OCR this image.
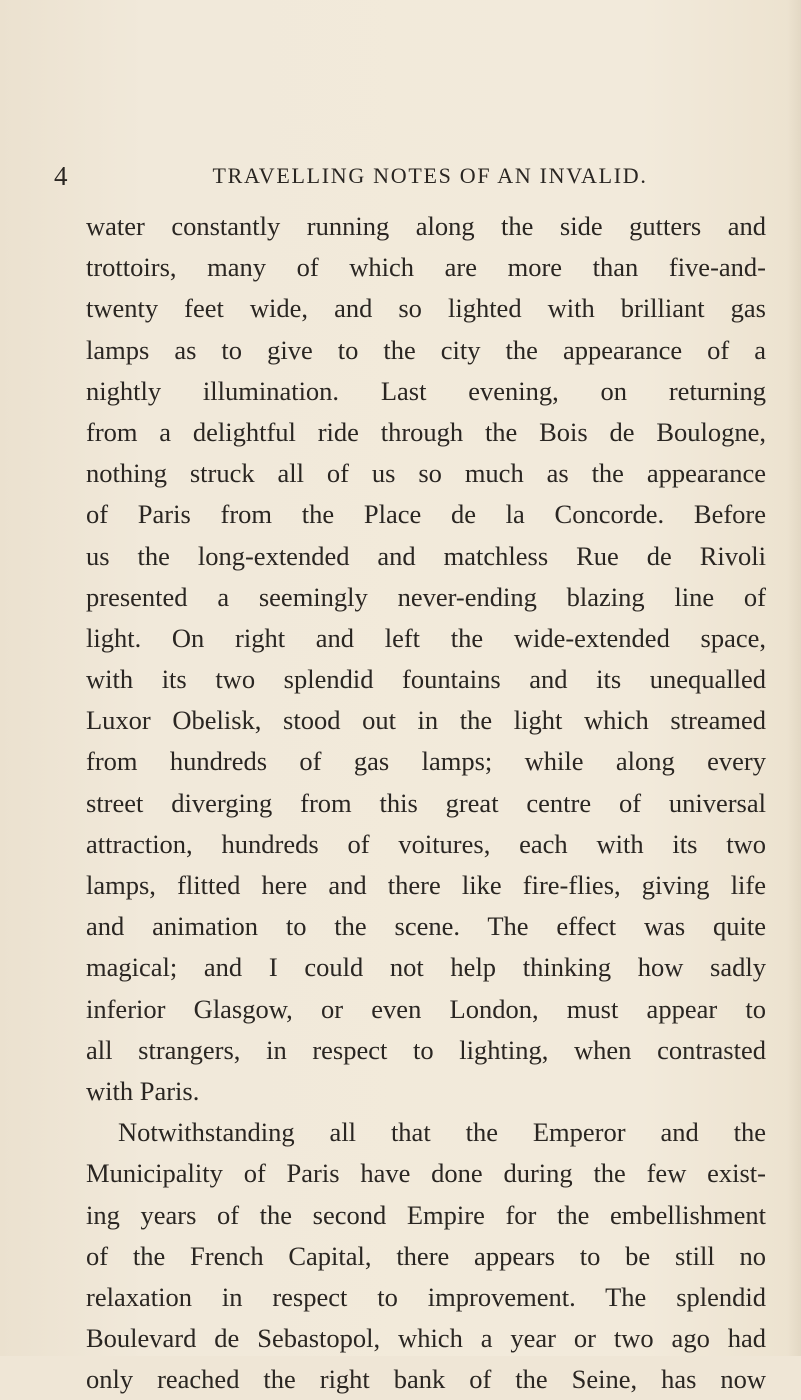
4	TRAVELLING NOTES OF AN INVALID.
water constantly running along the side gutters and
trottoirs, many of which are more than five-and-
twenty feet wide, and so lighted with brilliant gas
lamps as to give to the city the appearance of a
nightly illumination. Last evening, on returning
from a delightful ride through the Bois de Boulogne,
nothing struck all of us so much as the appearance
of Paris from the Place de la Concorde. Before
us the long-extended and matchless Rue de Rivoli
presented a seemingly never-ending blazing line of
light. On right and left the wide-extended space,
with its two splendid fountains and its unequalled
Luxor Obelisk, stood out in the light which streamed
from hundreds of gas lamps; while along every
street diverging from this great centre of universal
attraction, hundreds of voitures, each with its two
lamps, flitted here and there like fire-flies, giving life
and animation to the scene. The effect was quite
magical; and I could not help thinking how sadly
inferior Glasgow, or even London, must appear to
all strangers, in respect to lighting, when contrasted
with Paris.
Notwithstanding all that the Emperor and the
Municipality of Paris have done during the few exist-
ing years of the second Empire for the embellishment
of the French Capital, there appears to be still no
relaxation in respect to improvement. The splendid
Boulevard de Sebastopol, which a year or two ago had
only reached the right bank of the Seine, has now
